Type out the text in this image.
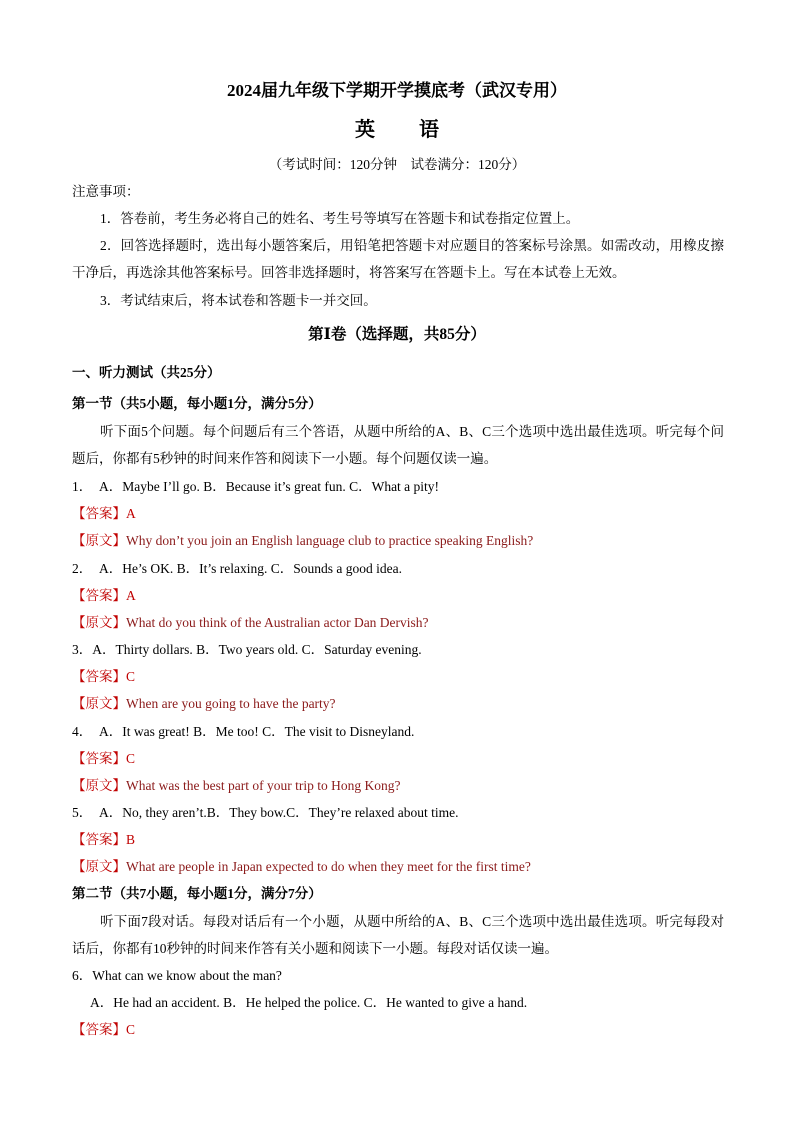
2024届九年级下学期开学摸底考（武汉专用）
英 语
（考试时间：120分钟　试卷满分：120分）
注意事项：
1．答卷前，考生务必将自己的姓名、考生号等填写在答题卡和试卷指定位置上。
2．回答选择题时，选出每小题答案后，用铅笔把答题卡对应题目的答案标号涂黑。如需改动，用橡皮擦干净后，再选涂其他答案标号。回答非选择题时，将答案写在答题卡上。写在本试卷上无效。
3．考试结束后，将本试卷和答题卡一并交回。
第Ⅰ卷（选择题，共85分）
一、听力测试（共25分）
第一节（共5小题，每小题1分，满分5分）
听下面5个问题。每个问题后有三个答语，从题中所给的A、B、C三个选项中选出最佳选项。听完每个问题后，你都有5秒钟的时间来作答和阅读下一小题。每个问题仅读一遍。
1．　A．Maybe I’ll go. B．Because it’s great fun. C．What a pity!
【答案】A
【原文】Why don’t you join an English language club to practice speaking English?
2．　A．He’s OK. B．It’s relaxing. C．Sounds a good idea.
【答案】A
【原文】What do you think of the Australian actor Dan Dervish?
3．A．Thirty dollars. B．Two years old. C．Saturday evening.
【答案】C
【原文】When are you going to have the party?
4．　A．It was great! B．Me too! C．The visit to Disneyland.
【答案】C
【原文】What was the best part of your trip to Hong Kong?
5．　A．No, they aren’t.B．They bow.C．They’re relaxed about time.
【答案】B
【原文】What are people in Japan expected to do when they meet for the first time?
第二节（共7小题，每小题1分，满分7分）
听下面7段对话。每段对话后有一个小题，从题中所给的A、B、C三个选项中选出最佳选项。听完每段对话后，你都有10秒钟的时间来作答有关小题和阅读下一小题。每段对话仅读一遍。
6．What can we know about the man?
A．He had an accident. B．He helped the police. C．He wanted to give a hand.
【答案】C
